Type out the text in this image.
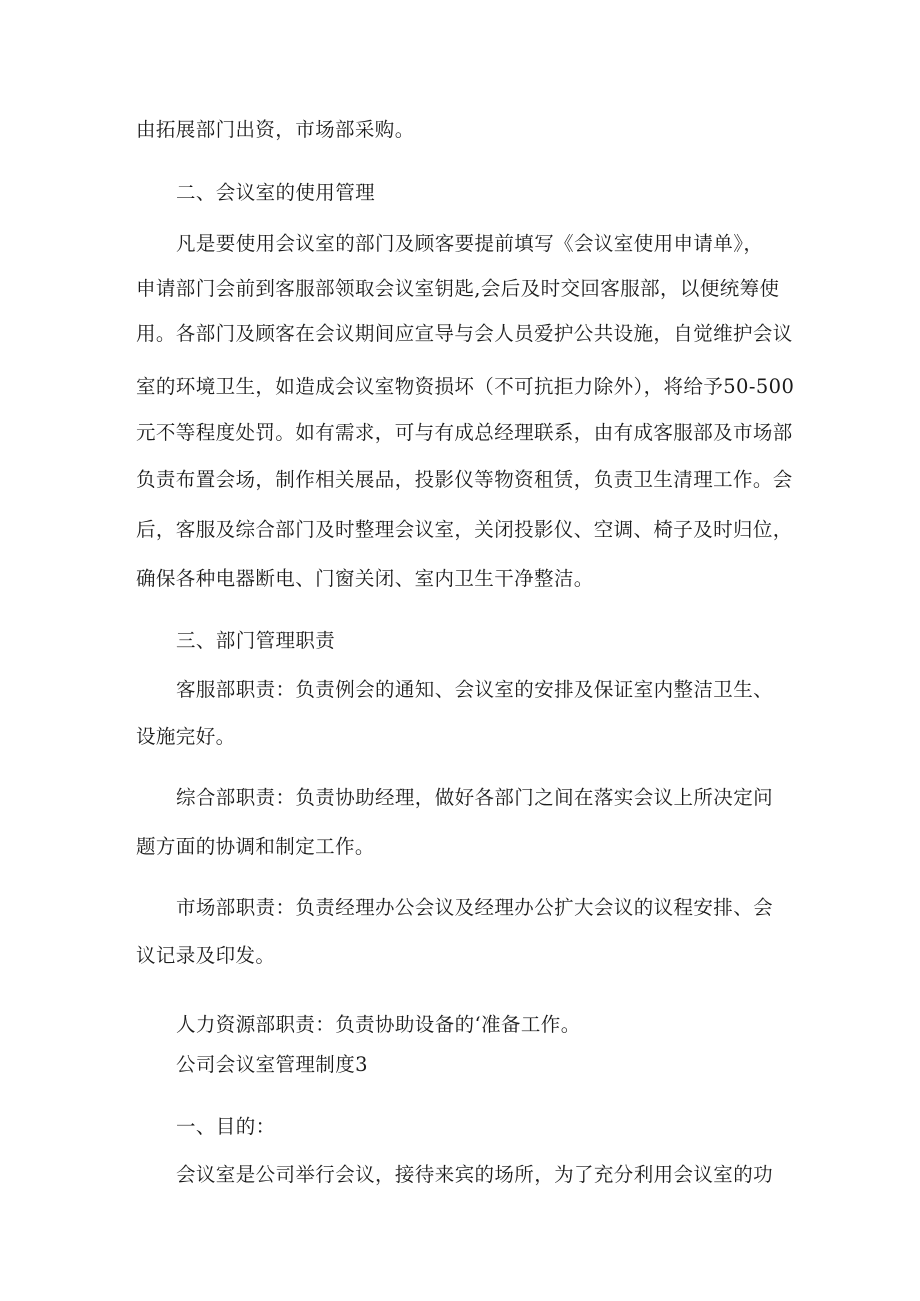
由拓展部门出资，市场部采购。
二、会议室的使用管理
凡是要使用会议室的部门及顾客要提前填写《会议室使用申请单》，
申请部门会前到客服部领取会议室钥匙,会后及时交回客服部，以便统筹使
用。各部门及顾客在会议期间应宣导与会人员爱护公共设施，自觉维护会议
室的环境卫生，如造成会议室物资损坏（不可抗拒力除外），将给予50-500
元不等程度处罚。如有需求，可与有成总经理联系，由有成客服部及市场部
负责布置会场，制作相关展品，投影仪等物资租赁，负责卫生清理工作。会
后，客服及综合部门及时整理会议室，关闭投影仪、空调、椅子及时归位，
确保各种电器断电、门窗关闭、室内卫生干净整洁。
三、部门管理职责
客服部职责：负责例会的通知、会议室的安排及保证室内整洁卫生、
设施完好。
综合部职责：负责协助经理，做好各部门之间在落实会议上所决定问
题方面的协调和制定工作。
市场部职责：负责经理办公会议及经理办公扩大会议的议程安排、会
议记录及印发。
人力资源部职责：负责协助设备的‘准备工作。
公司会议室管理制度3
一、目的：
会议室是公司举行会议，接待来宾的场所，为了充分利用会议室的功
